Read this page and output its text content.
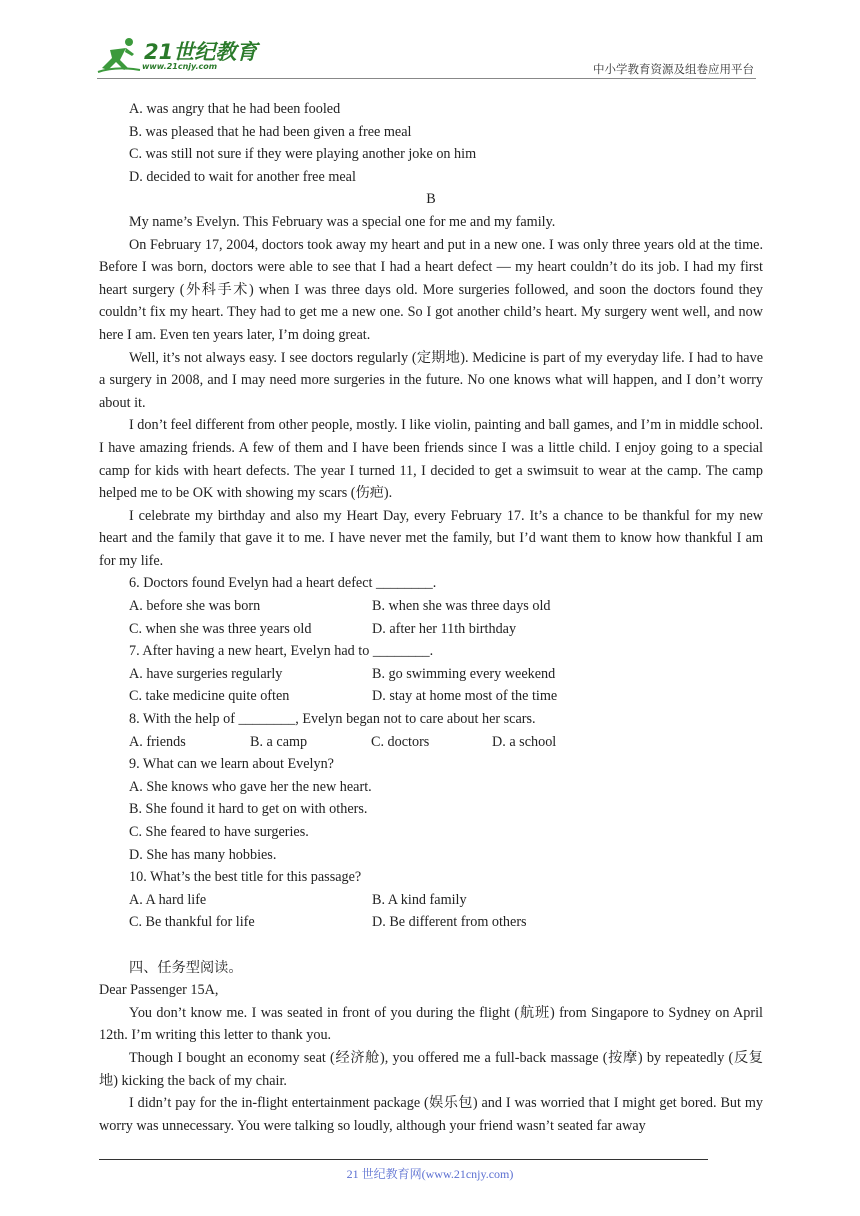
21世纪教育
www.21cnjy.com	中小学教育资源及组卷应用平台

A. was angry that he had been fooled

B. was pleased that he had been given a free meal

C. was still not sure if they were playing another joke on him

D. decided to wait for another free meal

B

My name’s Evelyn. This February was a special one for me and my family.

On February 17, 2004, doctors took away my heart and put in a new one. I was only three years old at the time. Before I was born, doctors were able to see that I had a heart defect — my heart couldn’t do its job. I had my first heart surgery (外科手术) when I was three days old. More surgeries followed, and soon the doctors found they couldn’t fix my heart. They had to get me a new one. So I got another child’s heart. My surgery went well, and now here I am. Even ten years later, I’m doing great.

Well, it’s not always easy. I see doctors regularly (定期地). Medicine is part of my everyday life. I had to have a surgery in 2008, and I may need more surgeries in the future. No one knows what will happen, and I don’t worry about it.

I don’t feel different from other people, mostly. I like violin, painting and ball games, and I’m in middle school. I have amazing friends. A few of them and I have been friends since I was a little child. I enjoy going to a special camp for kids with heart defects. The year I turned 11, I decided to get a swimsuit to wear at the camp. The camp helped me to be OK with showing my scars (伤疤).

I celebrate my birthday and also my Heart Day, every February 17. It’s a chance to be thankful for my new heart and the family that gave it to me. I have never met the family, but I’d want them to know how thankful I am for my life.

6. Doctors found Evelyn had a heart defect ________.

A. before she was born	B. when she was three days old
C. when she was three years old	D. after her 11th birthday

7. After having a new heart, Evelyn had to ________.

A. have surgeries regularly	B. go swimming every weekend
C. take medicine quite often	D. stay at home most of the time

8. With the help of ________, Evelyn began not to care about her scars.

A. friends	B. a camp	C. doctors	D. a school

9. What can we learn about Evelyn?

A. She knows who gave her the new heart.

B. She found it hard to get on with others.

C. She feared to have surgeries.

D. She has many hobbies.

10. What’s the best title for this passage?

A. A hard life	B. A kind family
C. Be thankful for life	D. Be different from others

四、任务型阅读。

Dear Passenger 15A,

You don’t know me. I was seated in front of you during the flight (航班) from Singapore to Sydney on April 12th. I’m writing this letter to thank you.

Though I bought an economy seat (经济舱), you offered me a full-back massage (按摩) by repeatedly (反复地) kicking the back of my chair.

I didn’t pay for the in-flight entertainment package (娱乐包) and I was worried that I might get bored. But my worry was unnecessary. You were talking so loudly, although your friend wasn’t seated far away

21 世纪教育网(www.21cnjy.com)
